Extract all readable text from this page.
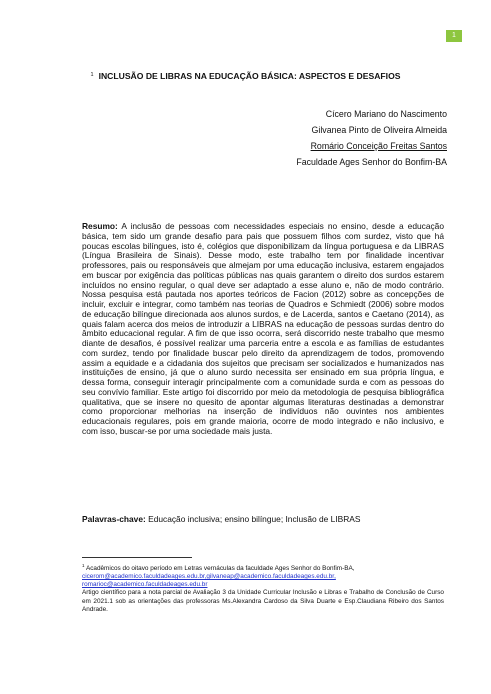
1
$^1$ INCLUSÃO DE LIBRAS NA EDUCAÇÃO BÁSICA: ASPECTOS E DESAFIOS
Cícero Mariano do Nascimento
Gilvanea Pinto de Oliveira Almeida
Romário Conceição Freitas Santos
Faculdade Ages Senhor do Bonfim-BA
Resumo: A inclusão de pessoas com necessidades especiais no ensino, desde a educação básica, tem sido um grande desafio para pais que possuem filhos com surdez, visto que há poucas escolas bilíngues, isto é, colégios que disponibilizam da língua portuguesa e da LIBRAS (Língua Brasileira de Sinais). Desse modo, este trabalho tem por finalidade incentivar professores, pais ou responsáveis que almejam por uma educação inclusiva, estarem engajados em buscar por exigência das políticas públicas nas quais garantem o direito dos surdos estarem incluídos no ensino regular, o qual deve ser adaptado a esse aluno e, não de modo contrário. Nossa pesquisa está pautada nos aportes teóricos de Facion (2012) sobre as concepções de incluir, excluir e integrar, como também nas teorias de Quadros e Schmiedt (2006) sobre modos de educação bilíngue direcionada aos alunos surdos, e de Lacerda, santos e Caetano (2014), as quais falam acerca dos meios de introduzir a LIBRAS na educação de pessoas surdas dentro do âmbito educacional regular. A fim de que isso ocorra, será discorrido neste trabalho que mesmo diante de desafios, é possível realizar uma parceria entre a escola e as famílias de estudantes com surdez, tendo por finalidade buscar pelo direito da aprendizagem de todos, promovendo assim a equidade e a cidadania dos sujeitos que precisam ser socializados e humanizados nas instituições de ensino, já que o aluno surdo necessita ser ensinado em sua própria língua, e dessa forma, conseguir interagir principalmente com a comunidade surda e com as pessoas do seu convívio familiar. Este artigo foi discorrido por meio da metodologia de pesquisa bibliográfica qualitativa, que se insere no quesito de apontar algumas literaturas destinadas a demonstrar como proporcionar melhorias na inserção de indivíduos não ouvintes nos ambientes educacionais regulares, pois em grande maioria, ocorre de modo integrado e não inclusivo, e com isso, buscar-se por uma sociedade mais justa.
Palavras-chave: Educação inclusiva; ensino bilíngue; Inclusão de LIBRAS
$^1$ Acadêmicos do oitavo período em Letras vernáculas da faculdade Ages Senhor do Bonfim-BA,
cicerom@academico.faculdadeages.edu.br,gilvaneap@academico.faculdadeages.edu.br,
romarioc@academico.faculdadeages.edu.br
Artigo científico para a nota parcial de Avaliação 3 da Unidade Curricular Inclusão e Libras e Trabalho de Conclusão de Curso em 2021.1 sob as orientações das professoras Ms.Alexandra Cardoso da Silva Duarte e Esp.Claudiana Ribeiro dos Santos Andrade.
